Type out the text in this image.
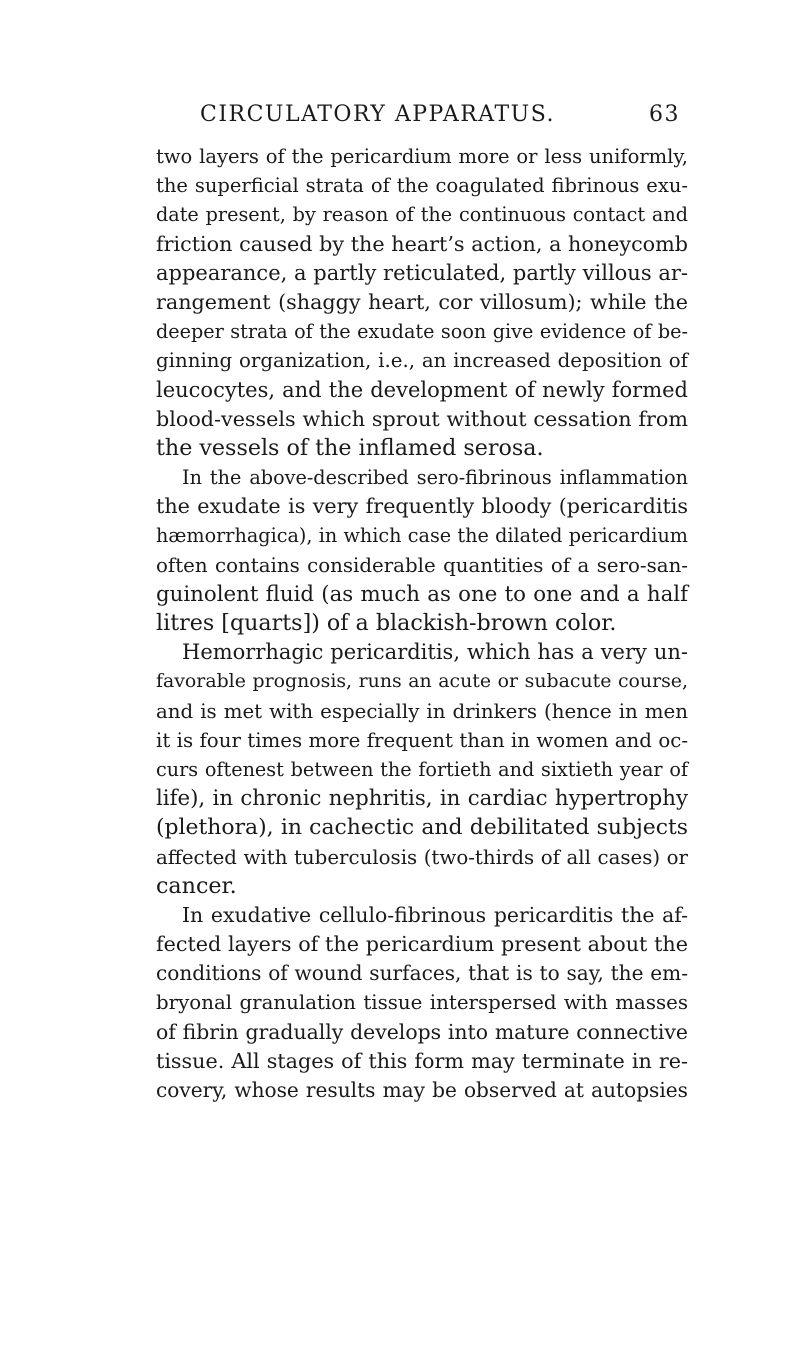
CIRCULATORY APPARATUS.	63
two layers of the pericardium more or less uniformly,
the superficial strata of the coagulated fibrinous exu-
date present, by reason of the continuous contact and
friction caused by the heart’s action, a honeycomb
appearance, a partly reticulated, partly villous ar-
rangement (shaggy heart, cor villosum); while the
deeper strata of the exudate soon give evidence of be-
ginning organization, i.e., an increased deposition of
leucocytes, and the development of newly formed
blood-vessels which sprout without cessation from
the vessels of the inflamed serosa.
In the above-described sero-fibrinous inflammation
the exudate is very frequently bloody (pericarditis
hæmorrhagica), in which case the dilated pericardium
often contains considerable quantities of a sero-san-
guinolent fluid (as much as one to one and a half
litres [quarts]) of a blackish-brown color.
Hemorrhagic pericarditis, which has a very un-
favorable prognosis, runs an acute or subacute course,
and is met with especially in drinkers (hence in men
it is four times more frequent than in women and oc-
curs oftenest between the fortieth and sixtieth year of
life), in chronic nephritis, in cardiac hypertrophy
(plethora), in cachectic and debilitated subjects
affected with tuberculosis (two-thirds of all cases) or
cancer.
In exudative cellulo-fibrinous pericarditis the af-
fected layers of the pericardium present about the
conditions of wound surfaces, that is to say, the em-
bryonal granulation tissue interspersed with masses
of fibrin gradually develops into mature connective
tissue. All stages of this form may terminate in re-
covery, whose results may be observed at autopsies
